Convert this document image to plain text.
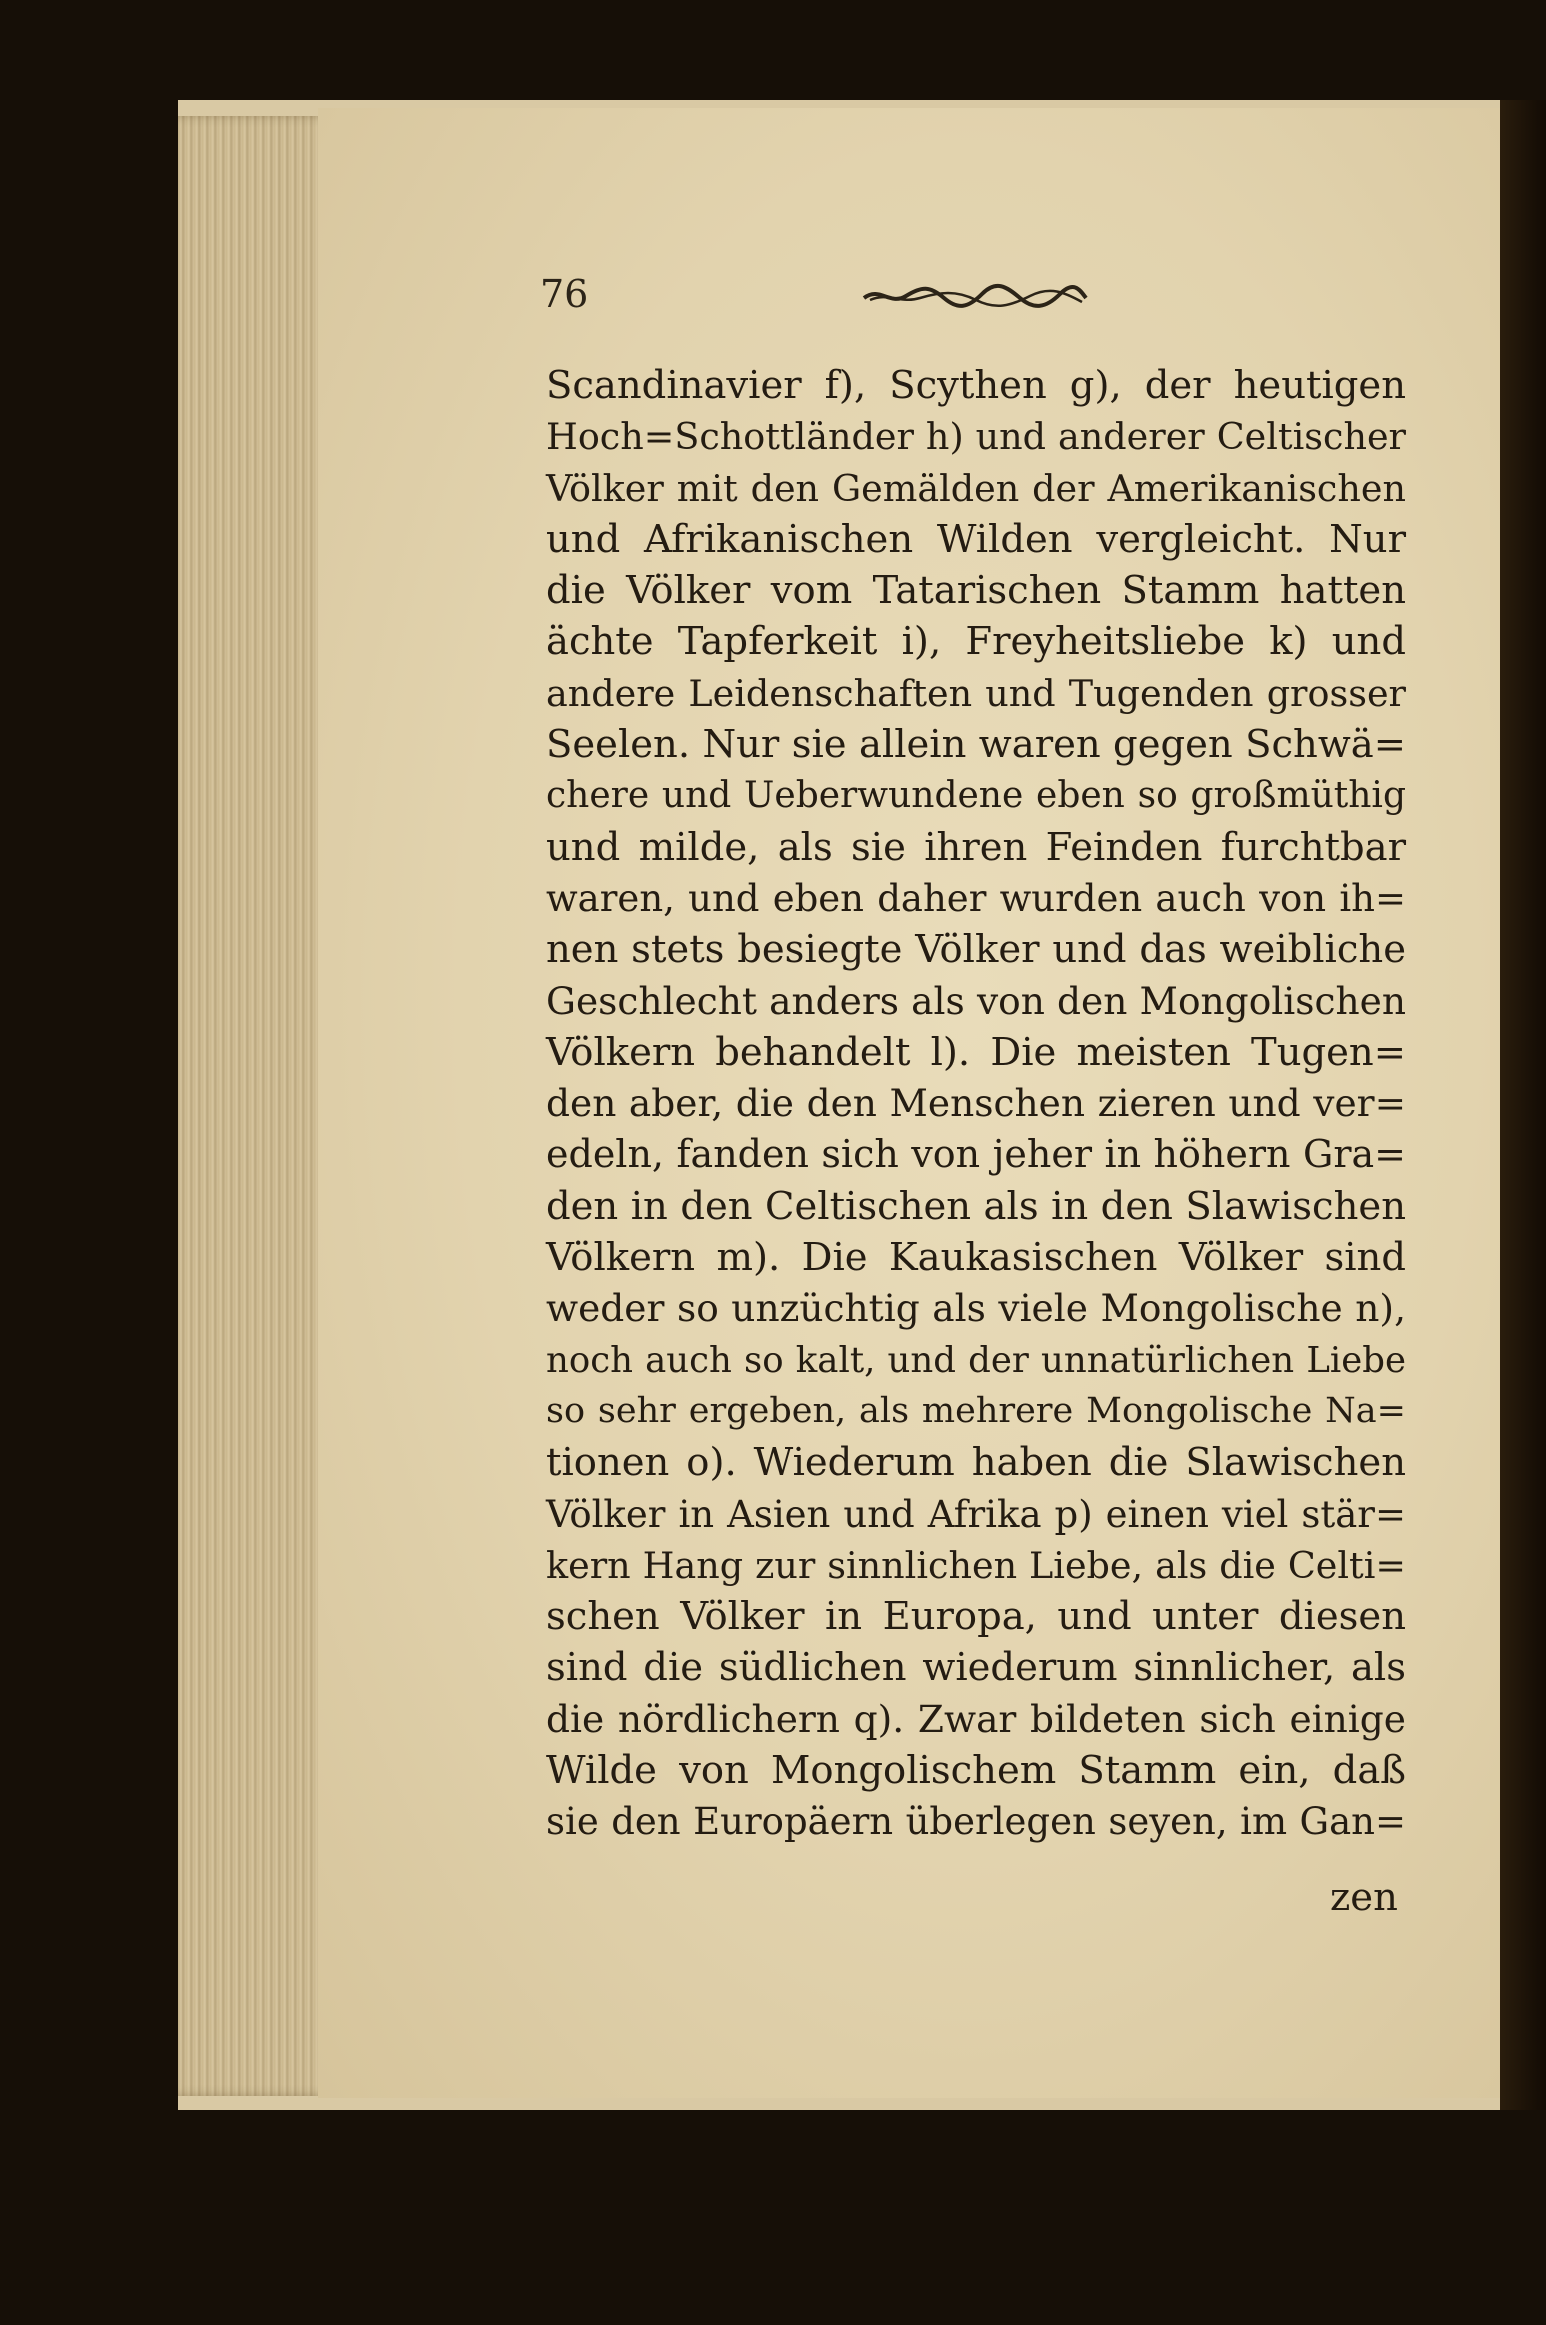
76
Scandinavier f), Scythen g), der heutigen
Hoch=Schottländer h) und anderer Celtischer
Völker mit den Gemälden der Amerikanischen
und Afrikanischen Wilden vergleicht. Nur
die Völker vom Tatarischen Stamm hatten
ächte Tapferkeit i), Freyheitsliebe k) und
andere Leidenschaften und Tugenden grosser
Seelen. Nur sie allein waren gegen Schwä=
chere und Ueberwundene eben so großmüthig
und milde, als sie ihren Feinden furchtbar
waren, und eben daher wurden auch von ih=
nen stets besiegte Völker und das weibliche
Geschlecht anders als von den Mongolischen
Völkern behandelt l). Die meisten Tugen=
den aber, die den Menschen zieren und ver=
edeln, fanden sich von jeher in höhern Gra=
den in den Celtischen als in den Slawischen
Völkern m). Die Kaukasischen Völker sind
weder so unzüchtig als viele Mongolische n),
noch auch so kalt, und der unnatürlichen Liebe
so sehr ergeben, als mehrere Mongolische Na=
tionen o). Wiederum haben die Slawischen
Völker in Asien und Afrika p) einen viel stär=
kern Hang zur sinnlichen Liebe, als die Celti=
schen Völker in Europa, und unter diesen
sind die südlichen wiederum sinnlicher, als
die nördlichern q). Zwar bildeten sich einige
Wilde von Mongolischem Stamm ein, daß
sie den Europäern überlegen seyen, im Gan=
zen
